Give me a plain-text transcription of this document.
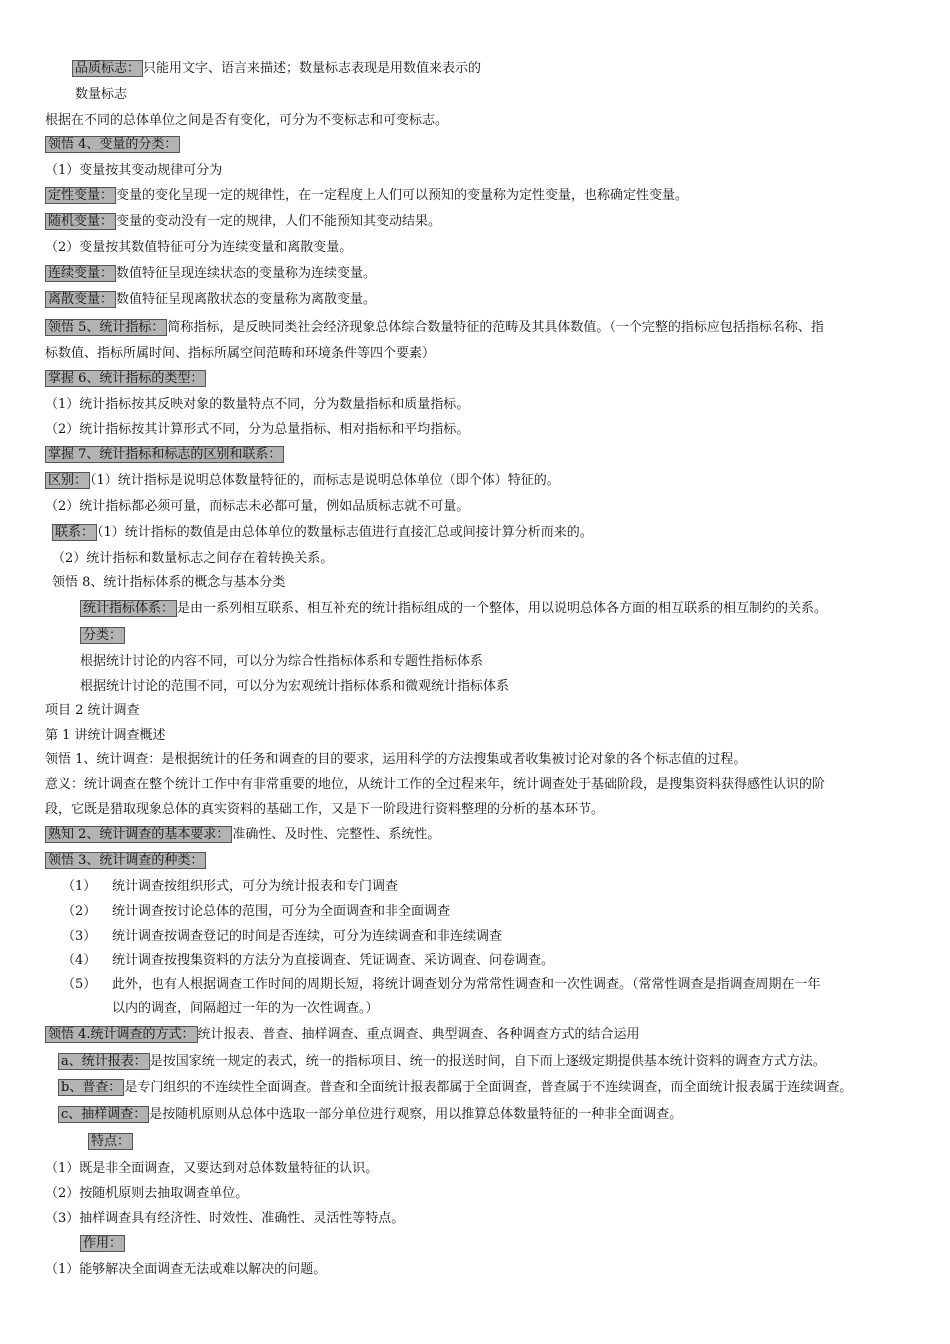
品质标志： 只能用文字、语言来描述；数量标志表现是用数值来表示的
数量标志
根据在不同的总体单位之间是否有变化，可分为不变标志和可变标志。
领悟 4、变量的分类：
（1）变量按其变动规律可分为
定性变量： 变量的变化呈现一定的规律性，在一定程度上人们可以预知的变量称为定性变量，也称确定性变量。
随机变量： 变量的变动没有一定的规律，人们不能预知其变动结果。
（2）变量按其数值特征可分为连续变量和离散变量。
连续变量： 数值特征呈现连续状态的变量称为连续变量。
离散变量： 数值特征呈现离散状态的变量称为离散变量。
领悟 5、统计指标： 简称指标，是反映同类社会经济现象总体综合数量特征的范畴及其具体数值。（一个完整的指标应包括指标名称、指
标数值、指标所属时间、指标所属空间范畴和环境条件等四个要素）
掌握 6、统计指标的类型：
（1）统计指标按其反映对象的数量特点不同，分为数量指标和质量指标。
（2）统计指标按其计算形式不同，分为总量指标、相对指标和平均指标。
掌握 7、统计指标和标志的区别和联系：
区别： （1）统计指标是说明总体数量特征的，而标志是说明总体单位（即个体）特征的。
（2）统计指标都必须可量，而标志未必都可量，例如品质标志就不可量。
联系： （1）统计指标的数值是由总体单位的数量标志值进行直接汇总或间接计算分析而来的。
（2）统计指标和数量标志之间存在着转换关系。
领悟 8、统计指标体系的概念与基本分类
统计指标体系： 是由一系列相互联系、相互补充的统计指标组成的一个整体，用以说明总体各方面的相互联系的相互制约的关系。
分类：
根据统计讨论的内容不同，可以分为综合性指标体系和专题性指标体系
根据统计讨论的范围不同，可以分为宏观统计指标体系和微观统计指标体系
项目 2 统计调查
第 1 讲统计调查概述
领悟 1、统计调查：是根据统计的任务和调查的目的要求，运用科学的方法搜集或者收集被讨论对象的各个标志值的过程。
意义：统计调查在整个统计工作中有非常重要的地位，从统计工作的全过程来年，统计调查处于基础阶段，是搜集资料获得感性认识的阶
段，它既是猎取现象总体的真实资料的基础工作，又是下一阶段进行资料整理的分析的基本环节。
熟知 2、统计调查的基本要求： 准确性、及时性、完整性、系统性。
领悟 3、统计调查的种类：
（1） 统计调查按组织形式，可分为统计报表和专门调查
（2） 统计调查按讨论总体的范围，可分为全面调查和非全面调查
（3） 统计调查按调查登记的时间是否连续，可分为连续调查和非连续调查
（4） 统计调查按搜集资料的方法分为直接调查、凭证调查、采访调查、问卷调查。
（5） 此外，也有人根据调查工作时间的周期长短，将统计调查划分为常常性调查和一次性调查。（常常性调查是指调查周期在一年
以内的调查，间隔超过一年的为一次性调查。）
领悟 4.统计调查的方式： 统计报表、普查、抽样调查、重点调查、典型调查、各种调查方式的结合运用
a、统计报表： 是按国家统一规定的表式，统一的指标项目、统一的报送时间，自下而上逐级定期提供基本统计资料的调查方式方法。
b、普查： 是专门组织的不连续性全面调查。普查和全面统计报表都属于全面调查，普查属于不连续调查，而全面统计报表属于连续调查。
c、抽样调查： 是按随机原则从总体中选取一部分单位进行观察，用以推算总体数量特征的一种非全面调查。
特点：
（1）既是非全面调查，又要达到对总体数量特征的认识。
（2）按随机原则去抽取调查单位。
（3）抽样调查具有经济性、时效性、准确性、灵活性等特点。
作用：
（1）能够解决全面调查无法或难以解决的问题。
